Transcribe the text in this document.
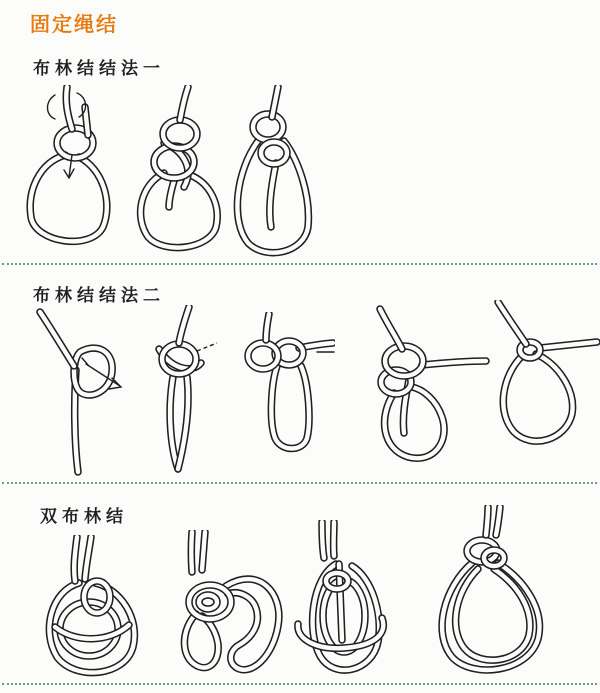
固定绳结
布林结结法一
布林结结法二
双布林结
